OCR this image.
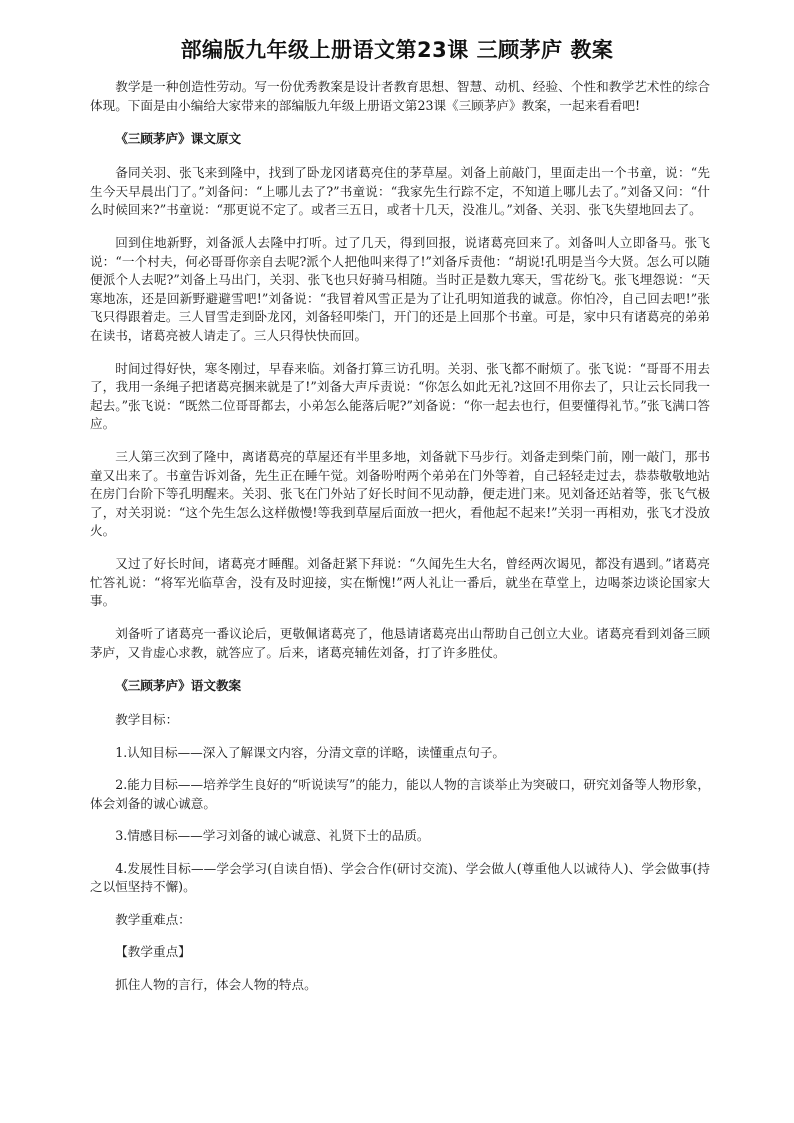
部编版九年级上册语文第23课 三顾茅庐 教案

教学是一种创造性劳动。写一份优秀教案是设计者教育思想、智慧、动机、经验、个性和教学艺术性的综合体现。下面是由小编给大家带来的部编版九年级上册语文第23课《三顾茅庐》教案，一起来看看吧!

《三顾茅庐》课文原文

备同关羽、张飞来到隆中，找到了卧龙冈诸葛亮住的茅草屋。刘备上前敲门，里面走出一个书童，说：“先生今天早晨出门了。”刘备问：“上哪儿去了?”书童说：“我家先生行踪不定，不知道上哪儿去了。”刘备又问：“什么时候回来?”书童说：“那更说不定了。或者三五日，或者十几天，没准儿。”刘备、关羽、张飞失望地回去了。

回到住地新野，刘备派人去隆中打听。过了几天，得到回报，说诸葛亮回来了。刘备叫人立即备马。张飞说：“一个村夫，何必哥哥你亲自去呢?派个人把他叫来得了!”刘备斥责他：“胡说!孔明是当今大贤。怎么可以随便派个人去呢?”刘备上马出门，关羽、张飞也只好骑马相随。当时正是数九寒天，雪花纷飞。张飞埋怨说：“天寒地冻，还是回新野避避雪吧!”刘备说：“我冒着风雪正是为了让孔明知道我的诚意。你怕冷，自己回去吧!”张飞只得跟着走。三人冒雪走到卧龙冈，刘备轻叩柴门，开门的还是上回那个书童。可是，家中只有诸葛亮的弟弟在读书，诸葛亮被人请走了。三人只得快快而回。

时间过得好快，寒冬刚过，早春来临。刘备打算三访孔明。关羽、张飞都不耐烦了。张飞说：“哥哥不用去了，我用一条绳子把诸葛亮捆来就是了!”刘备大声斥责说：“你怎么如此无礼?这回不用你去了，只让云长同我一起去。”张飞说：“既然二位哥哥都去，小弟怎么能落后呢?”刘备说：“你一起去也行，但要懂得礼节。”张飞满口答应。

三人第三次到了隆中，离诸葛亮的草屋还有半里多地，刘备就下马步行。刘备走到柴门前，刚一敲门，那书童又出来了。书童告诉刘备，先生正在睡午觉。刘备吩咐两个弟弟在门外等着，自己轻轻走过去，恭恭敬敬地站在房门台阶下等孔明醒来。关羽、张飞在门外站了好长时间不见动静，便走进门来。见刘备还站着等，张飞气极了，对关羽说：“这个先生怎么这样傲慢!等我到草屋后面放一把火，看他起不起来!”关羽一再相劝，张飞才没放火。

又过了好长时间，诸葛亮才睡醒。刘备赶紧下拜说：“久闻先生大名，曾经两次谒见，都没有遇到。”诸葛亮忙答礼说：“将军光临草舍，没有及时迎接，实在惭愧!”两人礼让一番后，就坐在草堂上，边喝茶边谈论国家大事。

刘备听了诸葛亮一番议论后，更敬佩诸葛亮了，他恳请诸葛亮出山帮助自己创立大业。诸葛亮看到刘备三顾茅庐，又肯虚心求教，就答应了。后来，诸葛亮辅佐刘备，打了许多胜仗。

《三顾茅庐》语文教案

教学目标：

1.认知目标——深入了解课文内容，分清文章的详略，读懂重点句子。

2.能力目标——培养学生良好的“听说读写”的能力，能以人物的言谈举止为突破口，研究刘备等人物形象，体会刘备的诚心诚意。

3.情感目标——学习刘备的诚心诚意、礼贤下士的品质。

4.发展性目标——学会学习(自读自悟)、学会合作(研讨交流)、学会做人(尊重他人以诚待人)、学会做事(持之以恒坚持不懈)。

教学重难点：

【教学重点】

抓住人物的言行，体会人物的特点。
